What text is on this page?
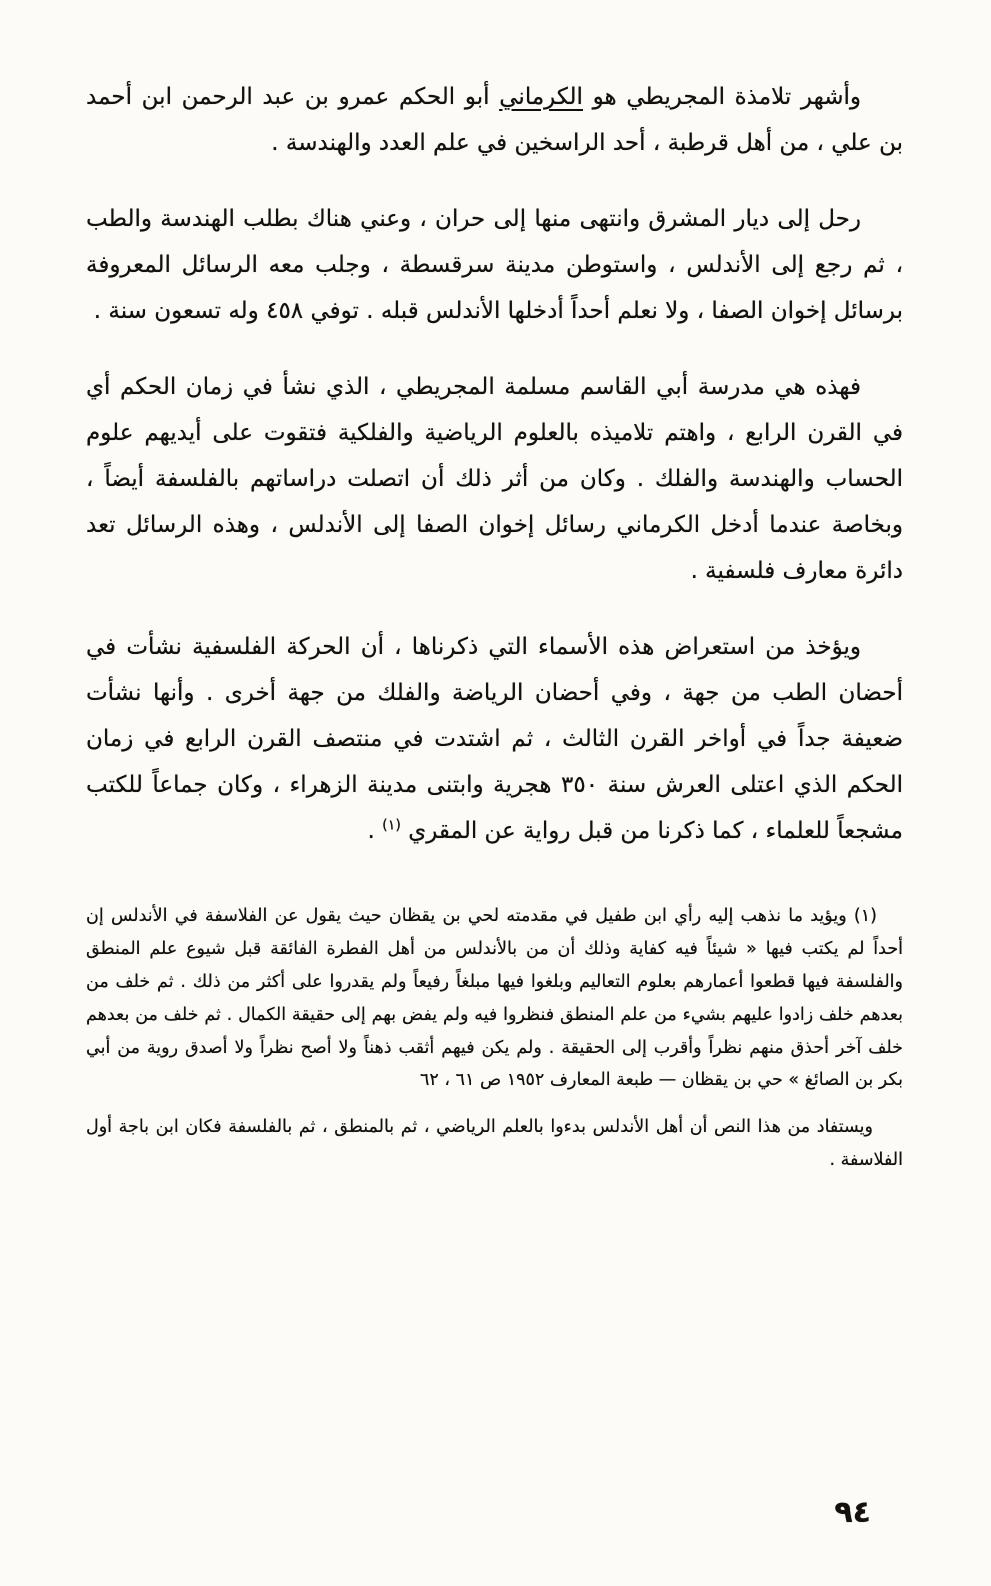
وأشهر تلامذة المجريطي هو الكرماني أبو الحكم عمرو بن عبد الرحمن ابن أحمد بن علي ، من أهل قرطبة ، أحد الراسخين في علم العدد والهندسة .

رحل إلى ديار المشرق وانتهى منها إلى حران ، وعني هناك بطلب الهندسة والطب ، ثم رجع إلى الأندلس ، واستوطن مدينة سرقسطة ، وجلب معه الرسائل المعروفة برسائل إخوان الصفا ، ولا نعلم أحداً أدخلها الأندلس قبله . توفي ٤٥٨ وله تسعون سنة .

فهذه هي مدرسة أبي القاسم مسلمة المجريطي ، الذي نشأ في زمان الحكم أي في القرن الرابع ، واهتم تلاميذه بالعلوم الرياضية والفلكية فتقوت على أيديهم علوم الحساب والهندسة والفلك . وكان من أثر ذلك أن اتصلت دراساتهم بالفلسفة أيضاً ، وبخاصة عندما أدخل الكرماني رسائل إخوان الصفا إلى الأندلس ، وهذه الرسائل تعد دائرة معارف فلسفية .

ويؤخذ من استعراض هذه الأسماء التي ذكرناها ، أن الحركة الفلسفية نشأت في أحضان الطب من جهة ، وفي أحضان الرياضة والفلك من جهة أخرى . وأنها نشأت ضعيفة جداً في أواخر القرن الثالث ، ثم اشتدت في منتصف القرن الرابع في زمان الحكم الذي اعتلى العرش سنة ٣٥٠ هجرية وابتنى مدينة الزهراء ، وكان جماعاً للكتب مشجعاً للعلماء ، كما ذكرنا من قبل رواية عن المقري $^{(١)}$ .

(١) ويؤيد ما نذهب إليه رأي ابن طفيل في مقدمته لحي بن يقظان حيث يقول عن الفلاسفة في الأندلس إن أحداً لم يكتب فيها « شيئاً فيه كفاية وذلك أن من بالأندلس من أهل الفطرة الفائقة قبل شيوع علم المنطق والفلسفة فيها قطعوا أعمارهم بعلوم التعاليم وبلغوا فيها مبلغاً رفيعاً ولم يقدروا على أكثر من ذلك . ثم خلف من بعدهم خلف زادوا عليهم بشيء من علم المنطق فنظروا فيه ولم يفض بهم إلى حقيقة الكمال . ثم خلف من بعدهم خلف آخر أحذق منهم نظراً وأقرب إلى الحقيقة . ولم يكن فيهم أثقب ذهناً ولا أصح نظراً ولا أصدق روية من أبي بكر بن الصائغ » حي بن يقظان — طبعة المعارف ١٩٥٢ ص ٦١ ، ٦٢

ويستفاد من هذا النص أن أهل الأندلس بدءوا بالعلم الرياضي ، ثم بالمنطق ، ثم بالفلسفة فكان ابن باجة أول الفلاسفة .

٩٤
